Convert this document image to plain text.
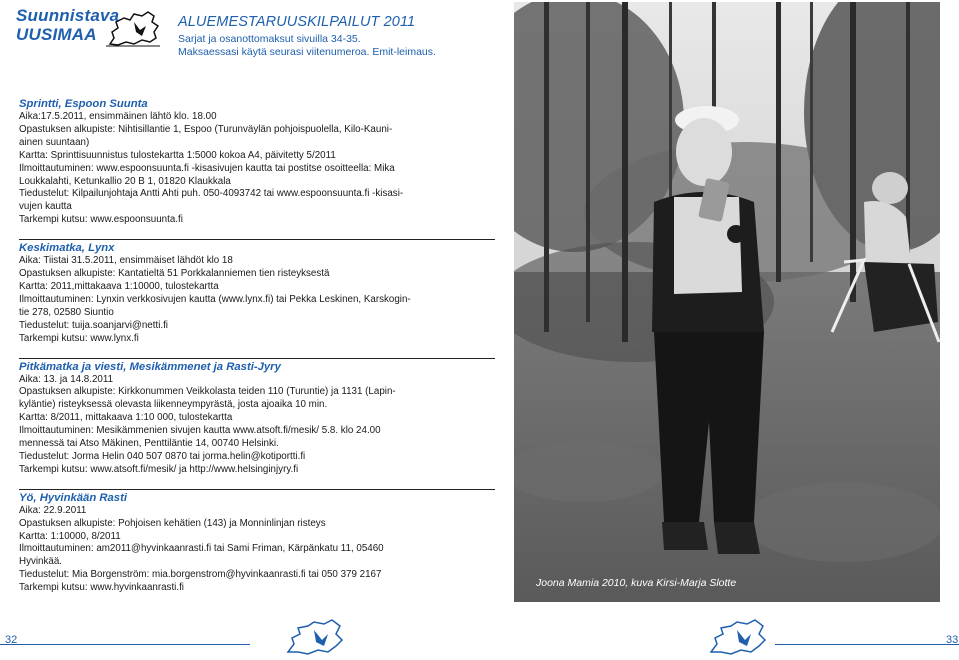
Suunnistava
UUSIMAA
ALUEMESTARUUSKILPAILUT 2011
Sarjat ja osanottomaksut sivuilla 34-35.
Maksaessasi käytä seurasi viitenumeroa. Emit-leimaus.
Sprintti, Espoon Suunta
Aika:17.5.2011, ensimmäinen lähtö klo. 18.00
Opastuksen alkupiste: Nihtisillantie 1, Espoo (Turunväylän pohjoispuolella, Kilo-Kauni-
ainen suuntaan)
Kartta: Sprinttisuunnistus tulostekartta 1:5000 kokoa A4, päivitetty 5/2011
Ilmoittautuminen: www.espoonsuunta.fi -kisasivujen kautta tai postitse osoitteella: Mika
Loukkalahti, Ketunkallio 20 B 1, 01820 Klaukkala
Tiedustelut: Kilpailunjohtaja Antti Ahti puh. 050-4093742 tai www.espoonsuunta.fi -kisasi-
vujen kautta
Tarkempi kutsu: www.espoonsuunta.fi
Keskimatka, Lynx
Aika: Tiistai 31.5.2011, ensimmäiset lähdöt klo 18
Opastuksen alkupiste: Kantatieltä 51 Porkkalanniemen tien risteyksestä
Kartta: 2011,mittakaava 1:10000, tulostekartta
Ilmoittautuminen: Lynxin verkkosivujen kautta (www.lynx.fi) tai Pekka Leskinen, Karskogin-
tie 278, 02580 Siuntio
Tiedustelut: tuija.soanjarvi@netti.fi
Tarkempi kutsu: www.lynx.fi
Pitkämatka ja viesti, Mesikämmenet ja Rasti-Jyry
Aika: 13. ja 14.8.2011
Opastuksen alkupiste: Kirkkonummen Veikkolasta teiden 110 (Turuntie) ja 1131 (Lapin-
kyläntie) risteyksessä olevasta liikenneympyrästä, josta ajoaika 10 min.
Kartta: 8/2011, mittakaava 1:10 000, tulostekartta
Ilmoittautuminen: Mesikämmenien sivujen kautta www.atsoft.fi/mesik/ 5.8. klo 24.00
mennessä tai Atso Mäkinen, Penttiläntie 14, 00740 Helsinki.
Tiedustelut: Jorma Helin 040 507 0870 tai jorma.helin@kotiportti.fi
Tarkempi kutsu: www.atsoft.fi/mesik/ ja http://www.helsinginjyry.fi
Yö, Hyvinkään Rasti
Aika: 22.9.2011
Opastuksen alkupiste: Pohjoisen kehätien (143) ja Monninlinjan risteys
Kartta: 1:10000, 8/2011
Ilmoittautuminen: am2011@hyvinkaanrasti.fi tai Sami Friman, Kärpänkatu 11, 05460
Hyvinkää.
Tiedustelut: Mia Borgenström: mia.borgenstrom@hyvinkaanrasti.fi tai 050 379 2167
Tarkempi kutsu: www.hyvinkaanrasti.fi	Joona Mamia 2010, kuva Kirsi-Marja Slotte
32	33
